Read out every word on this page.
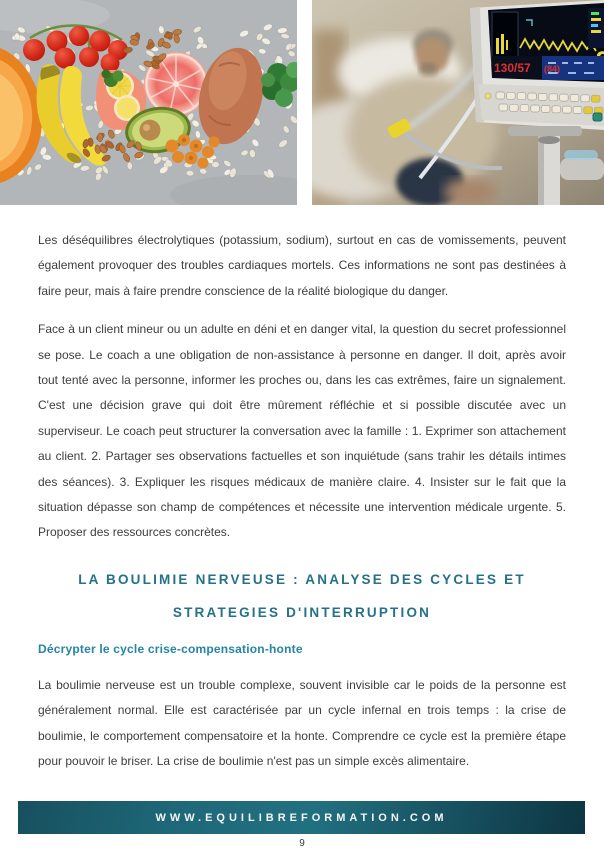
130/57 (84)

Les déséquilibres électrolytiques (potassium, sodium), surtout en cas de vomissements, peuvent également provoquer des troubles cardiaques mortels. Ces informations ne sont pas destinées à faire peur, mais à faire prendre conscience de la réalité biologique du danger.

Face à un client mineur ou un adulte en déni et en danger vital, la question du secret professionnel se pose. Le coach a une obligation de non-assistance à personne en danger. Il doit, après avoir tout tenté avec la personne, informer les proches ou, dans les cas extrêmes, faire un signalement. C'est une décision grave qui doit être mûrement réfléchie et si possible discutée avec un superviseur. Le coach peut structurer la conversation avec la famille : 1. Exprimer son attachement au client. 2. Partager ses observations factuelles et son inquiétude (sans trahir les détails intimes des séances). 3. Expliquer les risques médicaux de manière claire. 4. Insister sur le fait que la situation dépasse son champ de compétences et nécessite une intervention médicale urgente. 5. Proposer des ressources concrètes.

LA BOULIMIE NERVEUSE : ANALYSE DES CYCLES ET STRATEGIES D'INTERRUPTION
Décrypter le cycle crise-compensation-honte

La boulimie nerveuse est un trouble complexe, souvent invisible car le poids de la personne est généralement normal. Elle est caractérisée par un cycle infernal en trois temps : la crise de boulimie, le comportement compensatoire et la honte. Comprendre ce cycle est la première étape pour pouvoir le briser. La crise de boulimie n'est pas un simple excès alimentaire.

WWW.EQUILIBREFORMATION.COM
9
